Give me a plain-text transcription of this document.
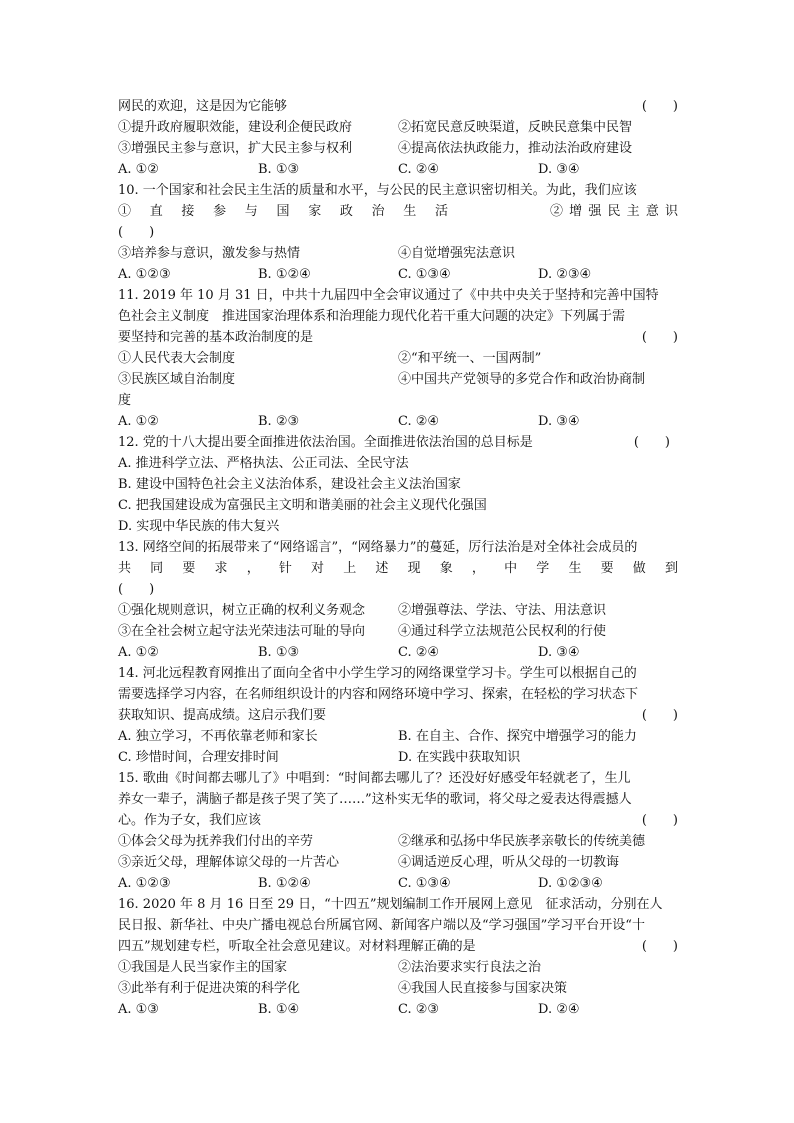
网民的欢迎，这是因为它能够	(　　)
①提升政府履职效能，建设利企便民政府	②拓宽民意反映渠道，反映民意集中民智
③增强民主参与意识，扩大民主参与权利	④提高依法执政能力，推动法治政府建设
A. ①②	B. ①③	C. ②④	D. ③④
10. 一个国家和社会民主生活的质量和水平，与公民的民主意识密切相关。为此，我们应该
①直接参与国家政治生活	②增强民主意识
(　　)
③培养参与意识，激发参与热情	④自觉增强宪法意识
A. ①②③	B. ①②④	C. ①③④	D. ②③④
11. 2019 年 10 月 31 日，中共十九届四中全会审议通过了《中共中央关于坚持和完善中国特
色社会主义制度　推进国家治理体系和治理能力现代化若干重大问题的决定》下列属于需
要坚持和完善的基本政治制度的是	(　　)
①人民代表大会制度	②“和平统一、一国两制”
③民族区域自治制度	④中国共产党领导的多党合作和政治协商制
度
A. ①②	B. ②③	C. ②④	D. ③④
12. 党的十八大提出要全面推进依法治国。全面推进依法治国的总目标是	(　　)
A. 推进科学立法、严格执法、公正司法、全民守法
B. 建设中国特色社会主义法治体系，建设社会主义法治国家
C. 把我国建设成为富强民主文明和谐美丽的社会主义现代化强国
D. 实现中华民族的伟大复兴
13. 网络空间的拓展带来了“网络谣言”，“网络暴力”的蔓延，厉行法治是对全体社会成员的
共同要求，针对上述现象，中学生要做到
(　　)
①强化规则意识，树立正确的权利义务观念	②增强尊法、学法、守法、用法意识
③在全社会树立起守法光荣违法可耻的导向	④通过科学立法规范公民权利的行使
A. ①②	B. ①③	C. ②④	D. ③④
14. 河北远程教育网推出了面向全省中小学生学习的网络课堂学习卡。学生可以根据自己的
需要选择学习内容，在名师组织设计的内容和网络环境中学习、探索，在轻松的学习状态下
获取知识、提高成绩。这启示我们要	(　　)
A. 独立学习，不再依靠老师和家长	B. 在自主、合作、探究中增强学习的能力
C. 珍惜时间，合理安排时间	D. 在实践中获取知识
15. 歌曲《时间都去哪儿了》中唱到：“时间都去哪儿了？还没好好感受年轻就老了，生儿
养女一辈子，满脑子都是孩子哭了笑了……”这朴实无华的歌词，将父母之爱表达得震撼人
心。作为子女，我们应该	(　　)
①体会父母为抚养我们付出的辛劳	②继承和弘扬中华民族孝亲敬长的传统美德
③亲近父母，理解体谅父母的一片苦心	④调适逆反心理，听从父母的一切教诲
A. ①②③	B. ①②④	C. ①③④	D. ①②③④
16. 2020 年 8 月 16 日至 29 日，“十四五”规划编制工作开展网上意见　征求活动，分别在人
民日报、新华社、中央广播电视总台所属官网、新闻客户端以及“学习强国”学习平台开设“十
四五”规划建专栏，听取全社会意见建议。对材料理解正确的是	(　　)
①我国是人民当家作主的国家	②法治要求实行良法之治
③此举有利于促进决策的科学化	④我国人民直接参与国家决策
A. ①③	B. ①④	C. ②③	D. ②④
